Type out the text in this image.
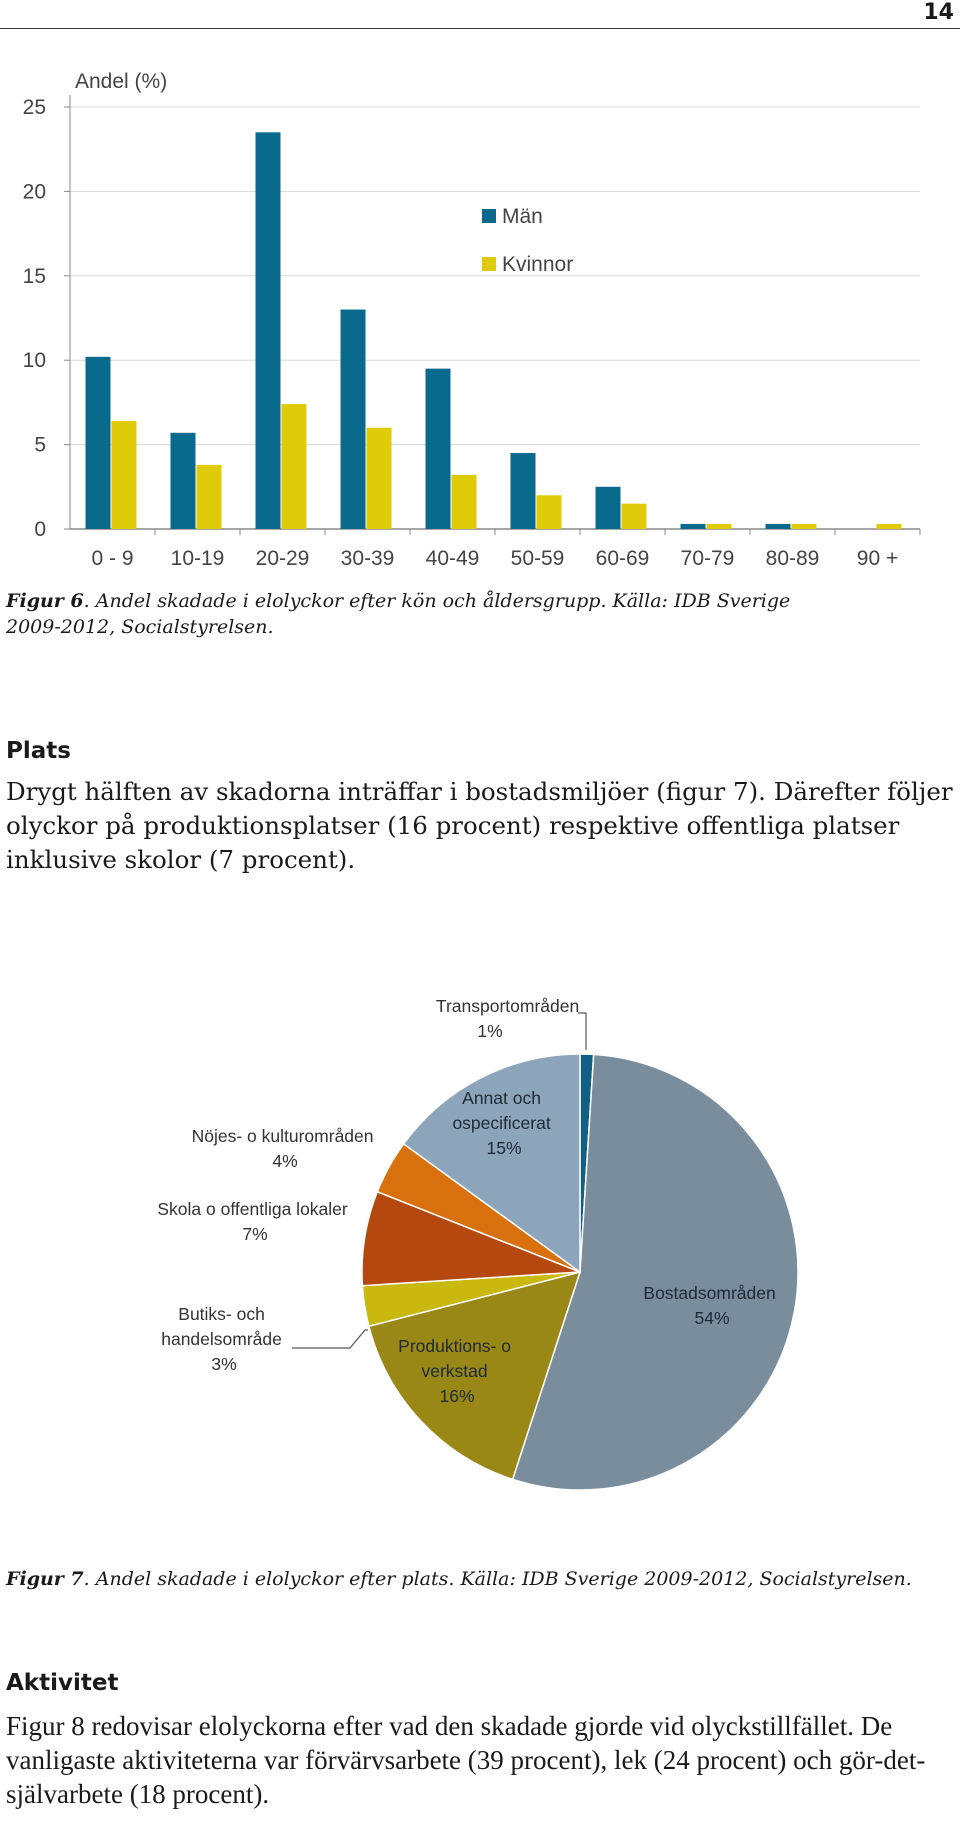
14
0
5
10
15
20
25
0 - 9 10-19 20-29 30-39 40-49 50-59 60-69 70-79 80-89 90 +
Andel (%)
Män
Kvinnor
Figur 6. Andel skadade i elolyckor efter kön och åldersgrupp. Källa: IDB Sverige 2009-2012, Socialstyrelsen.
Plats
Drygt hälften av skadorna inträffar i bostadsmiljöer (figur 7). Därefter följer olyckor på produktionsplatser (16 procent) respektive offentliga platser inklusive skolor (7 procent).
Transportområden 1%
Annat och ospecificerat 15%
Nöjes- o kulturområden 4%
Skola o offentliga lokaler 7%
Bostadsområden 54%
Butiks- och handelsområde 3%
Produktions- o verkstad 16%
Figur 7. Andel skadade i elolyckor efter plats. Källa: IDB Sverige 2009-2012, Socialstyrelsen.
Aktivitet
Figur 8 redovisar elolyckorna efter vad den skadade gjorde vid olyckstillfället. De vanligaste aktiviteterna var förvärvsarbete (39 procent), lek (24 procent) och gör-det-självarbete (18 procent).
